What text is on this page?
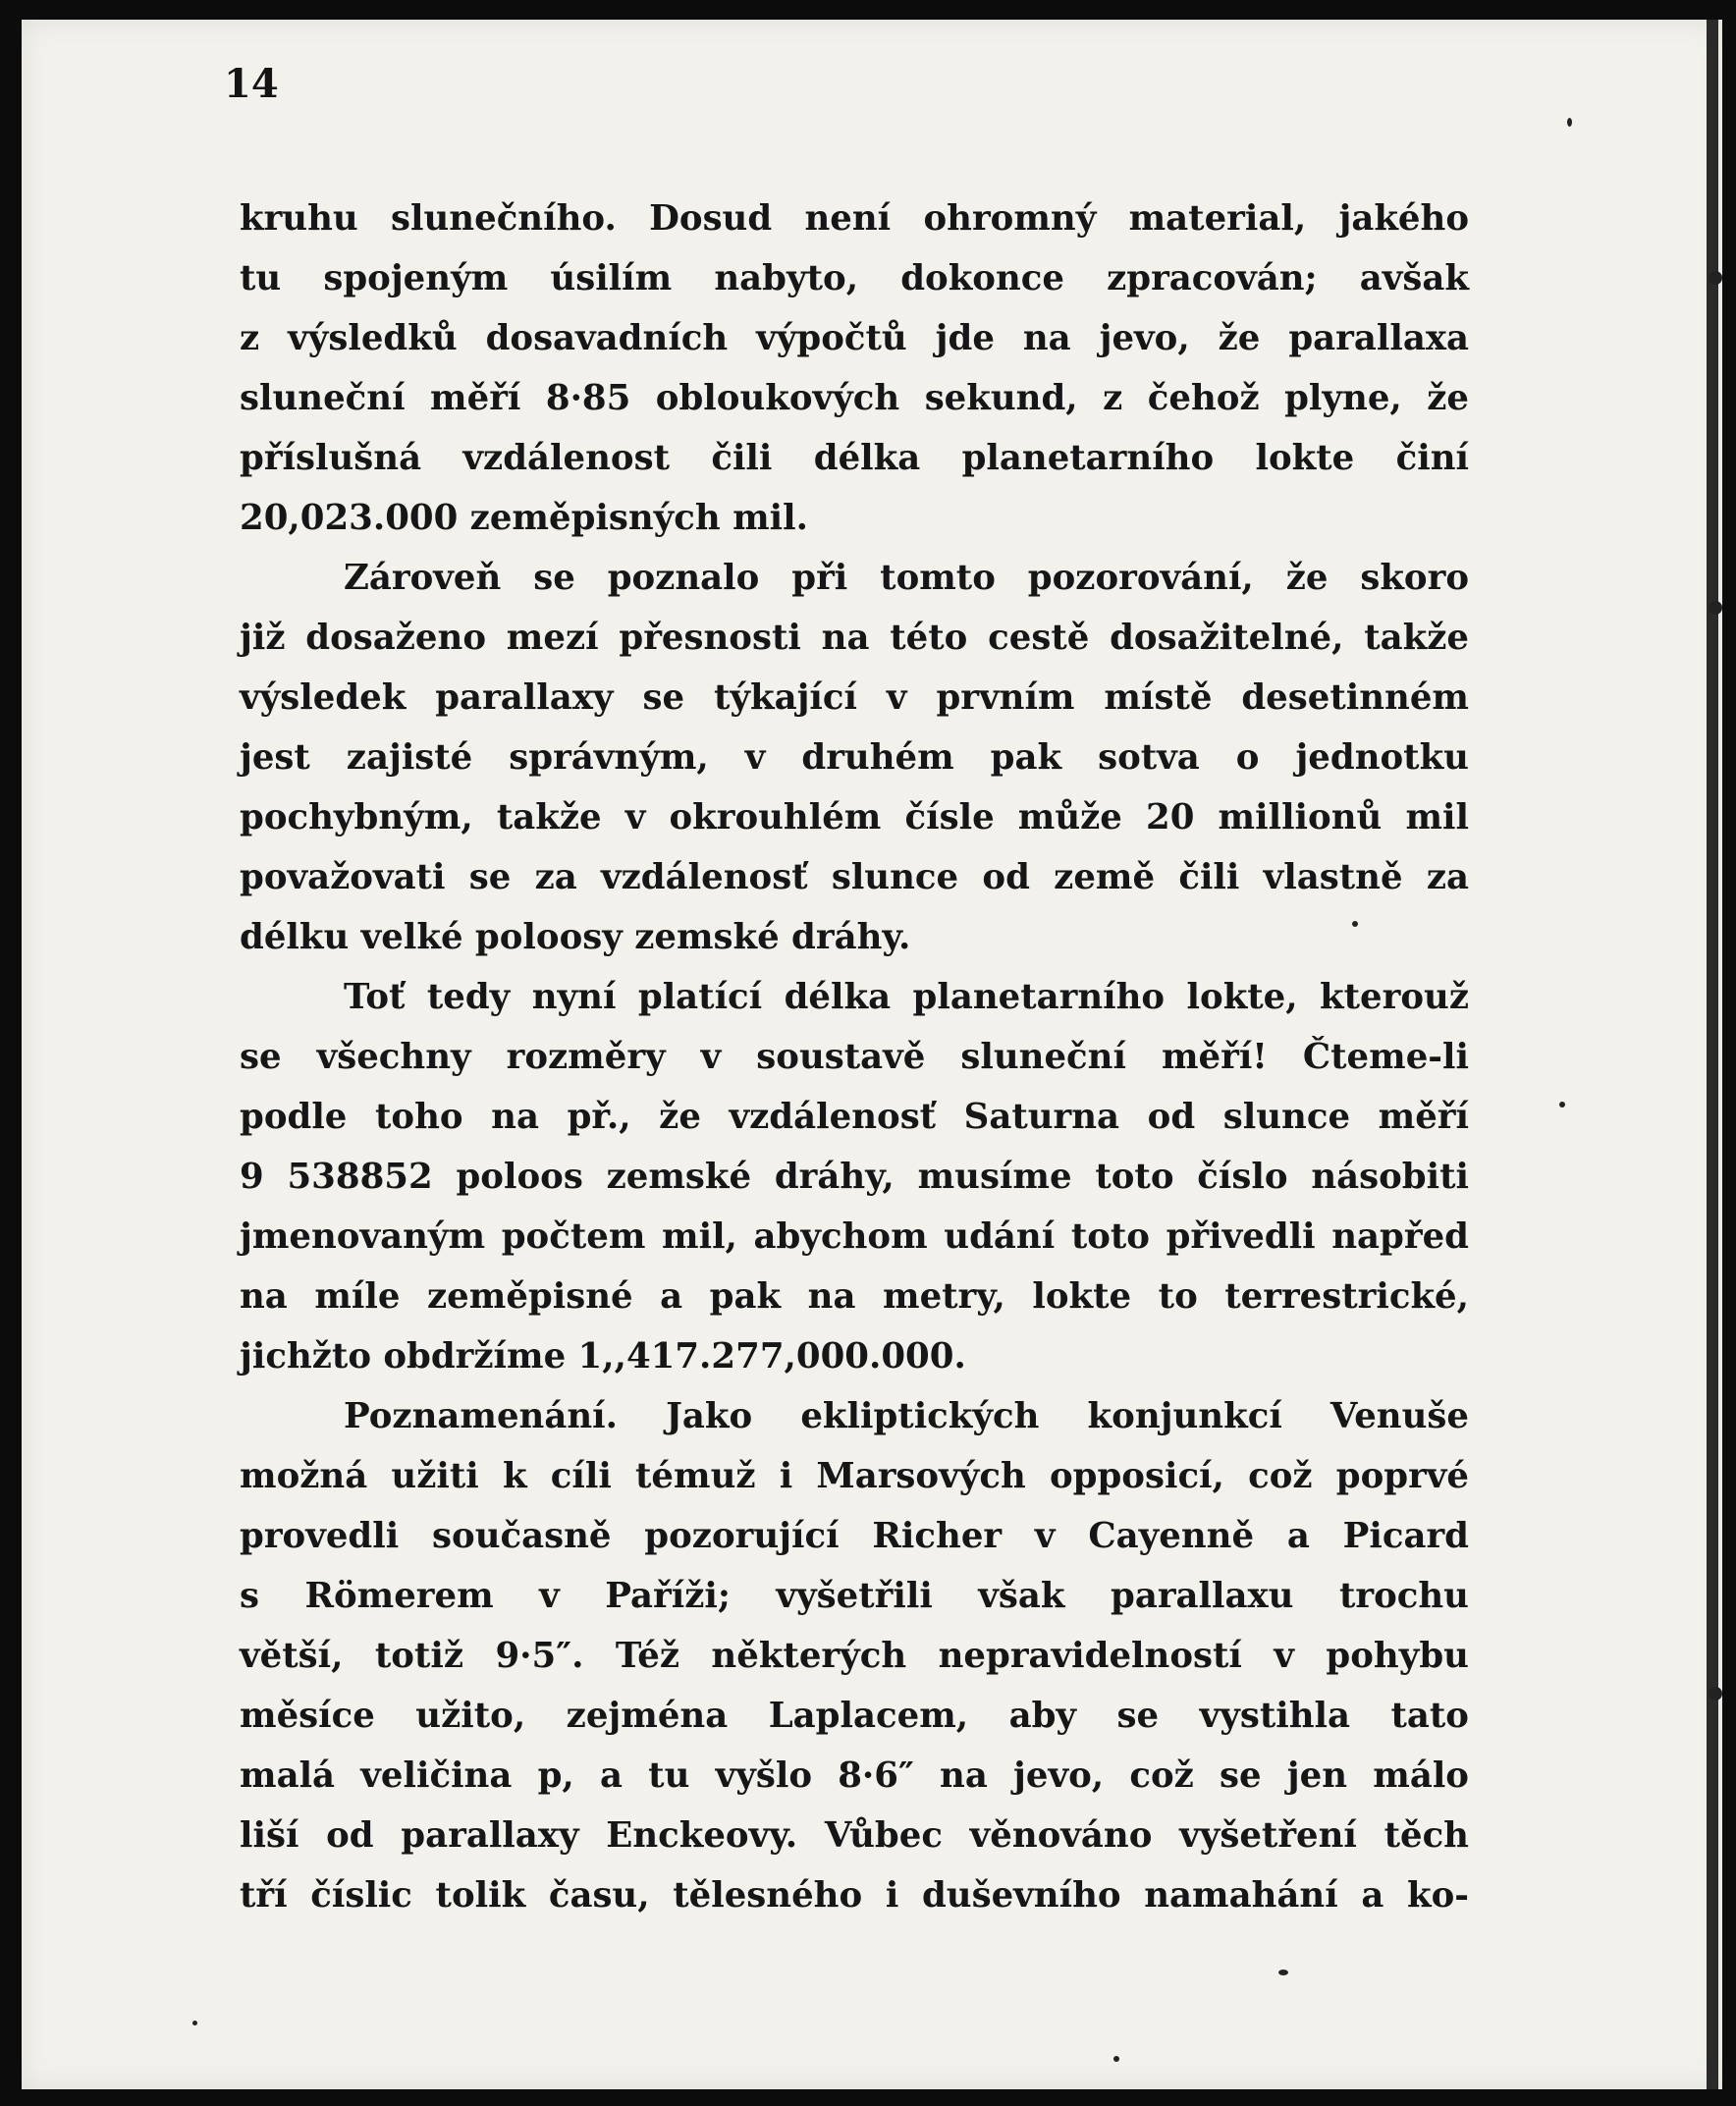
14
kruhu slunečního. Dosud není ohromný material, jakého
tu spojeným úsilím nabyto, dokonce zpracován; avšak
z výsledků dosavadních výpočtů jde na jevo, že parallaxa
sluneční měří 8·85 obloukových sekund, z čehož plyne, že
příslušná vzdálenost čili délka planetarního lokte činí
20,023.000 zeměpisných mil.
Zároveň se poznalo při tomto pozorování, že skoro
již dosaženo mezí přesnosti na této cestě dosažitelné, takže
výsledek parallaxy se týkající v prvním místě desetinném
jest zajisté správným, v druhém pak sotva o jednotku
pochybným, takže v okrouhlém čísle může 20 millionů mil
považovati se za vzdálenosť slunce od země čili vlastně za
délku velké poloosy zemské dráhy.
Toť tedy nyní platící délka planetarního lokte, kterouž
se všechny rozměry v soustavě sluneční měří! Čteme-li
podle toho na př., že vzdálenosť Saturna od slunce měří
9 538852 poloos zemské dráhy, musíme toto číslo násobiti
jmenovaným počtem mil, abychom udání toto přivedli napřed
na míle zeměpisné a pak na metry, lokte to terrestrické,
jichžto obdržíme 1,,417.277,000.000.
Poznamenání. Jako ekliptických konjunkcí Venuše
možná užiti k cíli témuž i Marsových opposicí, což poprvé
provedli současně pozorující Richer v Cayenně a Picard
s Römerem v Paříži; vyšetřili však parallaxu trochu
větší, totiž 9·5″. Též některých nepravidelností v pohybu
měsíce užito, zejména Laplacem, aby se vystihla tato
malá veličina p, a tu vyšlo 8·6″ na jevo, což se jen málo
liší od parallaxy Enckeovy. Vůbec věnováno vyšetření těch
tří číslic tolik času, tělesného i duševního namahání a ko-
